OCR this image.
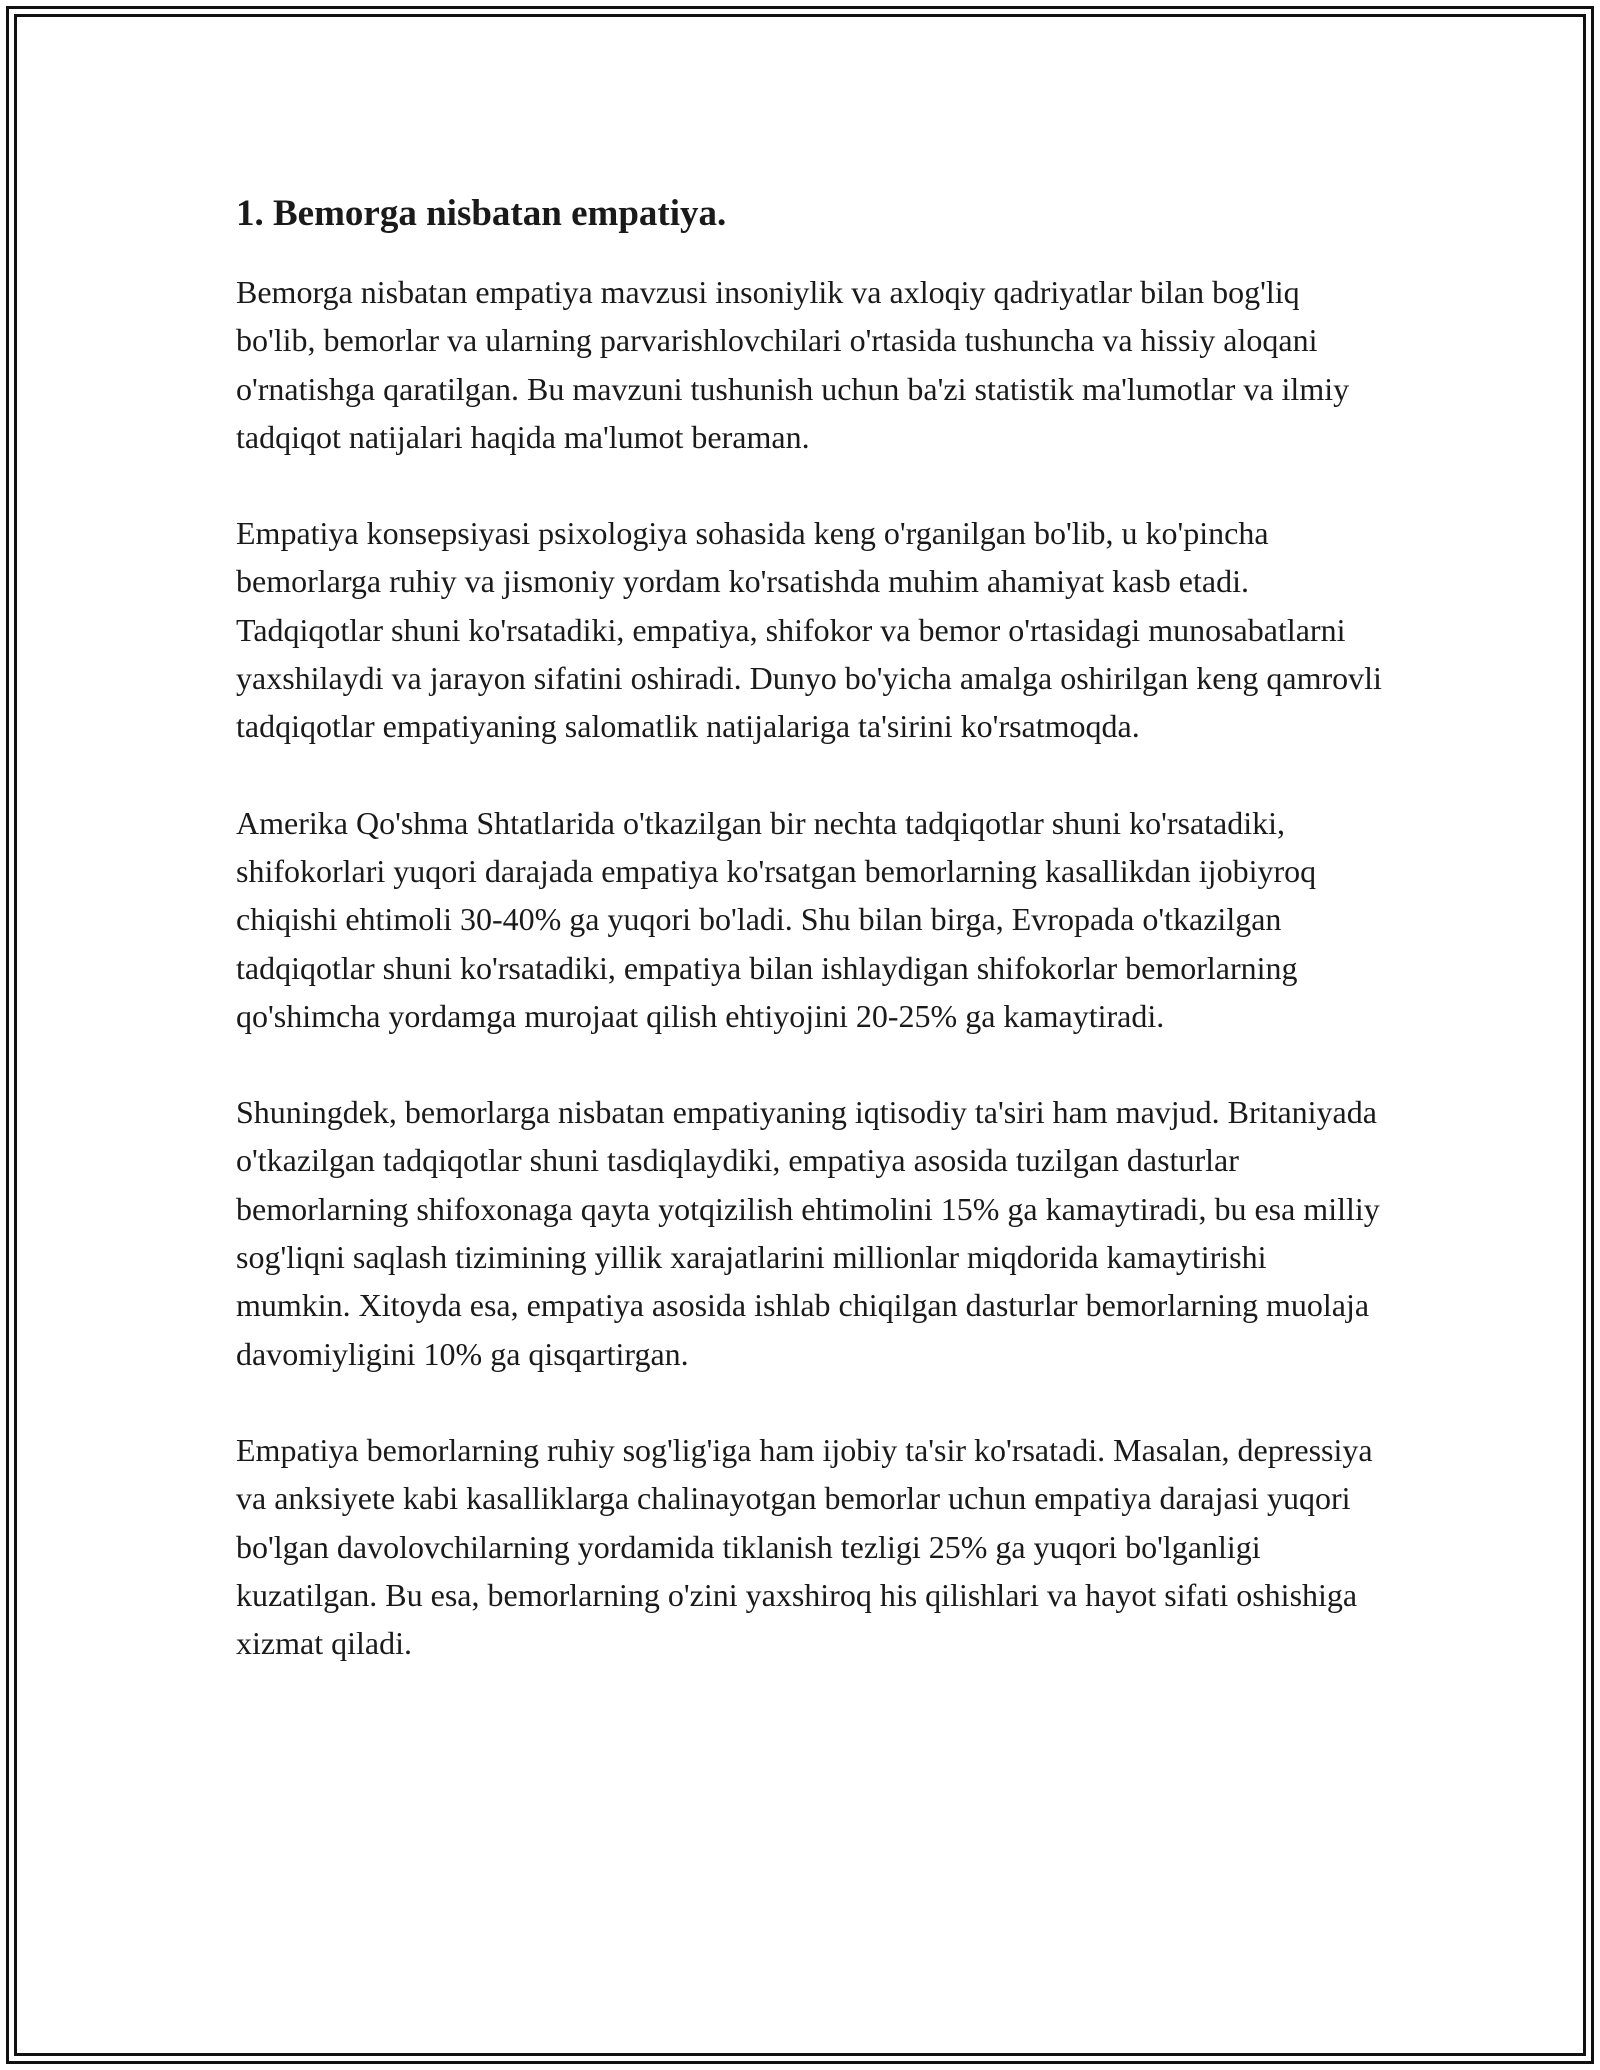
1. Bemorga nisbatan empatiya.

Bemorga nisbatan empatiya mavzusi insoniylik va axloqiy qadriyatlar bilan bog'liq bo'lib, bemorlar va ularning parvarishlovchilari o'rtasida tushuncha va hissiy aloqani o'rnatishga qaratilgan. Bu mavzuni tushunish uchun ba'zi statistik ma'lumotlar va ilmiy tadqiqot natijalari haqida ma'lumot beraman.

Empatiya konsepsiyasi psixologiya sohasida keng o'rganilgan bo'lib, u ko'pincha bemorlarga ruhiy va jismoniy yordam ko'rsatishda muhim ahamiyat kasb etadi. Tadqiqotlar shuni ko'rsatadiki, empatiya, shifokor va bemor o'rtasidagi munosabatlarni yaxshilaydi va jarayon sifatini oshiradi. Dunyo bo'yicha amalga oshirilgan keng qamrovli tadqiqotlar empatiyaning salomatlik natijalariga ta'sirini ko'rsatmoqda.

Amerika Qo'shma Shtatlarida o'tkazilgan bir nechta tadqiqotlar shuni ko'rsatadiki, shifokorlari yuqori darajada empatiya ko'rsatgan bemorlarning kasallikdan ijobiyroq chiqishi ehtimoli 30-40% ga yuqori bo'ladi. Shu bilan birga, Evropada o'tkazilgan tadqiqotlar shuni ko'rsatadiki, empatiya bilan ishlaydigan shifokorlar bemorlarning qo'shimcha yordamga murojaat qilish ehtiyojini 20-25% ga kamaytiradi.

Shuningdek, bemorlarga nisbatan empatiyaning iqtisodiy ta'siri ham mavjud. Britaniyada o'tkazilgan tadqiqotlar shuni tasdiqlaydiki, empatiya asosida tuzilgan dasturlar bemorlarning shifoxonaga qayta yotqizilish ehtimolini 15% ga kamaytiradi, bu esa milliy sog'liqni saqlash tizimining yillik xarajatlarini millionlar miqdorida kamaytirishi mumkin. Xitoyda esa, empatiya asosida ishlab chiqilgan dasturlar bemorlarning muolaja davomiyligini 10% ga qisqartirgan.

Empatiya bemorlarning ruhiy sog'lig'iga ham ijobiy ta'sir ko'rsatadi. Masalan, depressiya va anksiyete kabi kasalliklarga chalinayotgan bemorlar uchun empatiya darajasi yuqori bo'lgan davolovchilarning yordamida tiklanish tezligi 25% ga yuqori bo'lganligi kuzatilgan. Bu esa, bemorlarning o'zini yaxshiroq his qilishlari va hayot sifati oshishiga xizmat qiladi.
